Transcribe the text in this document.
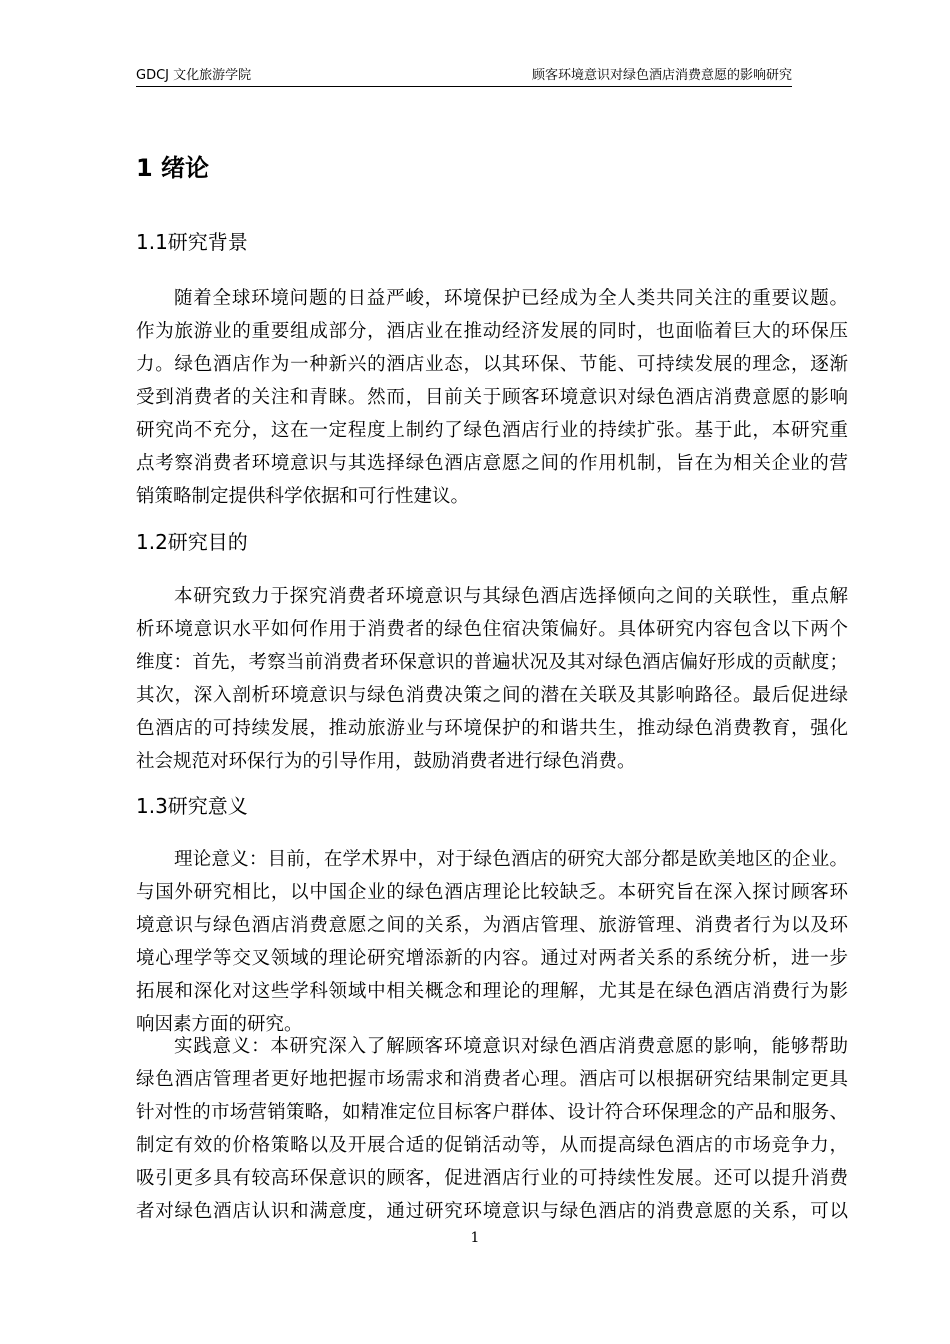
GDCJ 文化旅游学院	顾客环境意识对绿色酒店消费意愿的影响研究
1 绪论
1.1研究背景
随着全球环境问题的日益严峻，环境保护已经成为全人类共同关注的重要议题。
作为旅游业的重要组成部分，酒店业在推动经济发展的同时，也面临着巨大的环保压
力。绿色酒店作为一种新兴的酒店业态，以其环保、节能、可持续发展的理念，逐渐
受到消费者的关注和青睐。然而，目前关于顾客环境意识对绿色酒店消费意愿的影响
研究尚不充分，这在一定程度上制约了绿色酒店行业的持续扩张。基于此，本研究重
点考察消费者环境意识与其选择绿色酒店意愿之间的作用机制，旨在为相关企业的营
销策略制定提供科学依据和可行性建议。
1.2研究目的
本研究致力于探究消费者环境意识与其绿色酒店选择倾向之间的关联性，重点解
析环境意识水平如何作用于消费者的绿色住宿决策偏好。具体研究内容包含以下两个
维度：首先，考察当前消费者环保意识的普遍状况及其对绿色酒店偏好形成的贡献度；
其次，深入剖析环境意识与绿色消费决策之间的潜在关联及其影响路径。最后促进绿
色酒店的可持续发展，推动旅游业与环境保护的和谐共生，推动绿色消费教育，强化
社会规范对环保行为的引导作用，鼓励消费者进行绿色消费。
1.3研究意义
理论意义：目前，在学术界中，对于绿色酒店的研究大部分都是欧美地区的企业。
与国外研究相比，以中国企业的绿色酒店理论比较缺乏。本研究旨在深入探讨顾客环
境意识与绿色酒店消费意愿之间的关系，为酒店管理、旅游管理、消费者行为以及环
境心理学等交叉领域的理论研究增添新的内容。通过对两者关系的系统分析，进一步
拓展和深化对这些学科领域中相关概念和理论的理解，尤其是在绿色酒店消费行为影
响因素方面的研究。
实践意义：本研究深入了解顾客环境意识对绿色酒店消费意愿的影响，能够帮助
绿色酒店管理者更好地把握市场需求和消费者心理。酒店可以根据研究结果制定更具
针对性的市场营销策略，如精准定位目标客户群体、设计符合环保理念的产品和服务、
制定有效的价格策略以及开展合适的促销活动等，从而提高绿色酒店的市场竞争力，
吸引更多具有较高环保意识的顾客，促进酒店行业的可持续性发展。还可以提升消费
者对绿色酒店认识和满意度，通过研究环境意识与绿色酒店的消费意愿的关系，可以
1
